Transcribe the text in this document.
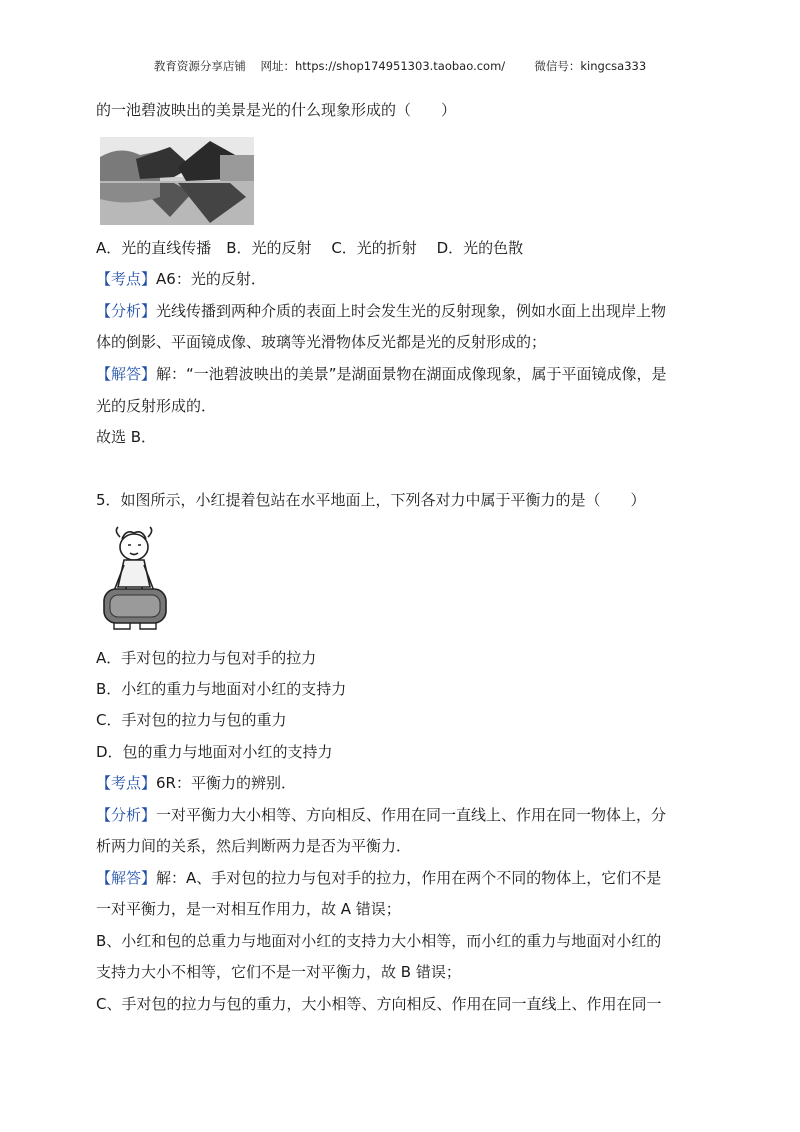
教育资源分享店铺    网址：https://shop174951303.taobao.com/        微信号：kingcsa333
的一池碧波映出的美景是光的什么现象形成的（　　）
A．光的直线传播　B．光的反射　 C．光的折射　 D．光的色散
【考点】A6：光的反射．
【分析】光线传播到两种介质的表面上时会发生光的反射现象，例如水面上出现岸上物
体的倒影、平面镜成像、玻璃等光滑物体反光都是光的反射形成的；
【解答】解：“一池碧波映出的美景”是湖面景物在湖面成像现象，属于平面镜成像，是
光的反射形成的．
故选 B．
5．如图所示，小红提着包站在水平地面上，下列各对力中属于平衡力的是（　　）
A．手对包的拉力与包对手的拉力
B．小红的重力与地面对小红的支持力
C．手对包的拉力与包的重力
D．包的重力与地面对小红的支持力
【考点】6R：平衡力的辨别．
【分析】一对平衡力大小相等、方向相反、作用在同一直线上、作用在同一物体上，分
析两力间的关系，然后判断两力是否为平衡力．
【解答】解：A、手对包的拉力与包对手的拉力，作用在两个不同的物体上，它们不是
一对平衡力，是一对相互作用力，故 A 错误；
B、小红和包的总重力与地面对小红的支持力大小相等，而小红的重力与地面对小红的
支持力大小不相等，它们不是一对平衡力，故 B 错误；
C、手对包的拉力与包的重力，大小相等、方向相反、作用在同一直线上、作用在同一
